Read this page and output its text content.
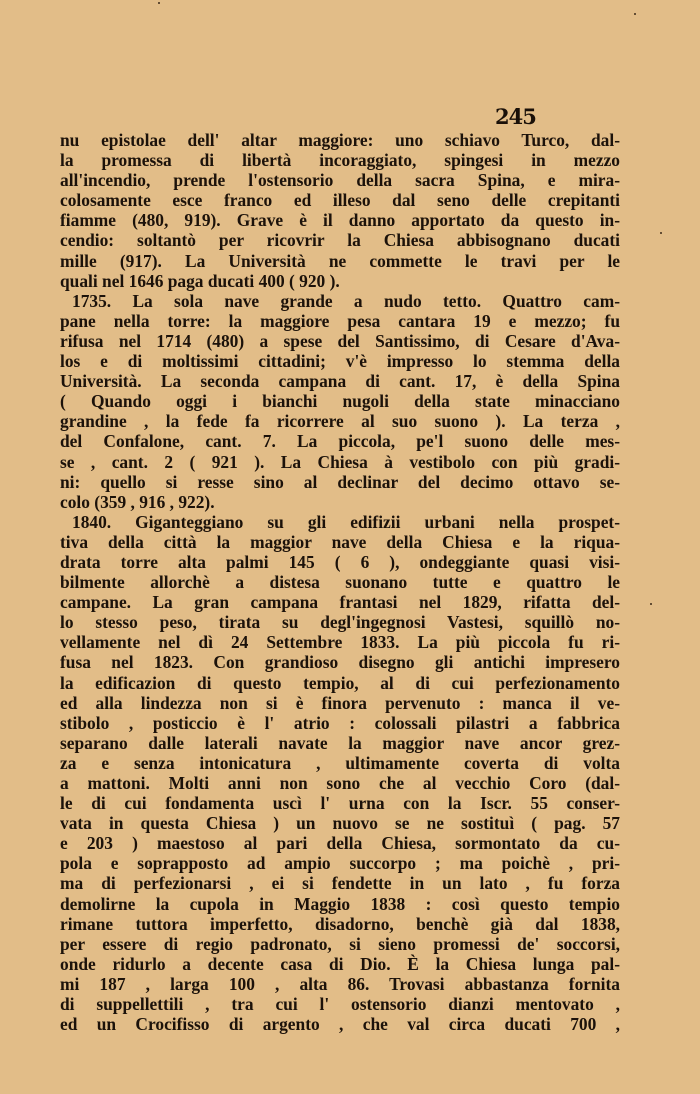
245
nu epistolae dell' altar maggiore: uno schiavo Turco, dal-
la promessa di libertà incoraggiato, spingesi in mezzo
all'incendio, prende l'ostensorio della sacra Spina, e mira-
colosamente esce franco ed illeso dal seno delle crepitanti
fiamme (480, 919). Grave è il danno apportato da questo in-
cendio: soltantò per ricovrir la Chiesa abbisognano ducati
mille (917). La Università ne commette le travi per le
quali nel 1646 paga ducati 400 ( 920 ).
1735. La sola nave grande a nudo tetto. Quattro cam-
pane nella torre: la maggiore pesa cantara 19 e mezzo; fu
rifusa nel 1714 (480) a spese del Santissimo, di Cesare d'Ava-
los e di moltissimi cittadini; v'è impresso lo stemma della
Università. La seconda campana di cant. 17, è della Spina
( Quando oggi i bianchi nugoli della state minacciano
grandine , la fede fa ricorrere al suo suono ). La terza ,
del Confalone, cant. 7. La piccola, pe'l suono delle mes-
se , cant. 2 ( 921 ). La Chiesa à vestibolo con più gradi-
ni: quello si resse sino al declinar del decimo ottavo se-
colo (359 , 916 , 922).
1840. Giganteggiano su gli edifizii urbani nella prospet-
tiva della città la maggior nave della Chiesa e la riqua-
drata torre alta palmi 145 ( 6 ), ondeggiante quasi visi-
bilmente allorchè a distesa suonano tutte e quattro le
campane. La gran campana frantasi nel 1829, rifatta del-
lo stesso peso, tirata su degl'ingegnosi Vastesi, squillò no-
vellamente nel dì 24 Settembre 1833. La più piccola fu ri-
fusa nel 1823. Con grandioso disegno gli antichi impresero
la edificazion di questo tempio, al di cui perfezionamento
ed alla lindezza non si è finora pervenuto : manca il ve-
stibolo , posticcio è l' atrio : colossali pilastri a fabbrica
separano dalle laterali navate la maggior nave ancor grez-
za e senza intonicatura , ultimamente coverta di volta
a mattoni. Molti anni non sono che al vecchio Coro (dal-
le di cui fondamenta uscì l' urna con la Iscr. 55 conser-
vata in questa Chiesa ) un nuovo se ne sostituì ( pag. 57
e 203 ) maestoso al pari della Chiesa, sormontato da cu-
pola e soprapposto ad ampio succorpo ; ma poichè , pri-
ma di perfezionarsi , ei si fendette in un lato , fu forza
demolirne la cupola in Maggio 1838 : così questo tempio
rimane tuttora imperfetto, disadorno, benchè già dal 1838,
per essere di regio padronato, si sieno promessi de' soccorsi,
onde ridurlo a decente casa di Dio. È la Chiesa lunga pal-
mi 187 , larga 100 , alta 86. Trovasi abbastanza fornita
di suppellettili , tra cui l' ostensorio dianzi mentovato ,
ed un Crocifisso di argento , che val circa ducati 700 ,
